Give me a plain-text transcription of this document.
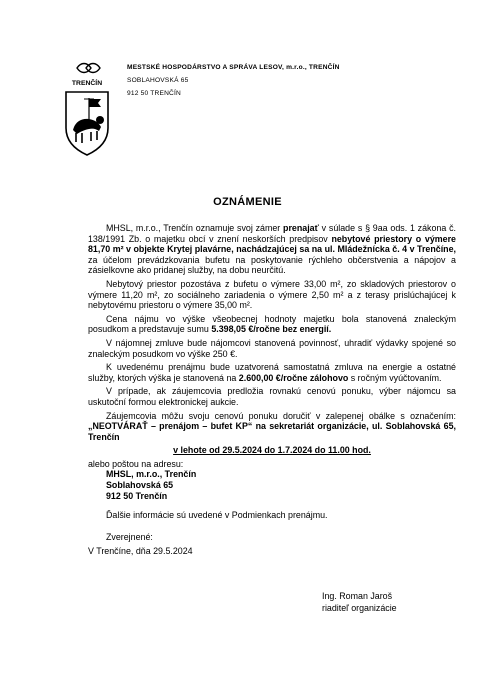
TRENČÍN
MESTSKÉ HOSPODÁRSTVO A SPRÁVA LESOV, m.r.o., TRENČÍN
SOBLAHOVSKÁ 65
912 50 TRENČÍN
OZNÁMENIE

MHSL, m.r.o., Trenčín oznamuje svoj zámer prenajať v súlade s § 9aa ods. 1 zákona č. 138/1991 Zb. o majetku obcí v znení neskorších predpisov nebytové priestory o výmere 81,70 m² v objekte Krytej plavárne, nachádzajúcej sa na ul. Mládežnícka č. 4 v Trenčíne, za účelom prevádzkovania bufetu na poskytovanie rýchleho občerstvenia a nápojov a zásielkovne ako pridanej služby, na dobu neurčitú.

Nebytový priestor pozostáva z bufetu o výmere 33,00 m², zo skladových priestorov o výmere 11,20 m², zo sociálneho zariadenia o výmere 2,50 m² a z terasy prislúchajúcej k nebytovému priestoru o výmere 35,00 m².

Cena nájmu vo výške všeobecnej hodnoty majetku bola stanovená znaleckým posudkom a predstavuje sumu 5.398,05 €/ročne bez energií.

V nájomnej zmluve bude nájomcovi stanovená povinnosť, uhradiť výdavky spojené so znaleckým posudkom vo výške 250 €.

K uvedenému prenájmu bude uzatvorená samostatná zmluva na energie a ostatné služby, ktorých výška je stanovená na 2.600,00 €/ročne zálohovo s ročným vyúčtovaním.

V prípade, ak záujemcovia predložia rovnakú cenovú ponuku, výber nájomcu sa uskutoční formou elektronickej aukcie.

Záujemcovia môžu svoju cenovú ponuku doručiť v zalepenej obálke s označením: „NEOTVÁRAŤ – prenájom – bufet KP“ na sekretariát organizácie, ul. Soblahovská 65, Trenčín

v lehote od 29.5.2024 do 1.7.2024 do 11.00 hod.

alebo poštou na adresu:

MHSL, m.r.o., Trenčín
Soblahovská 65
912 50 Trenčín

Ďalšie informácie sú uvedené v Podmienkach prenájmu.

Zverejnené:

V Trenčíne, dňa 29.5.2024

Ing. Roman Jaroš
riaditeľ organizácie
